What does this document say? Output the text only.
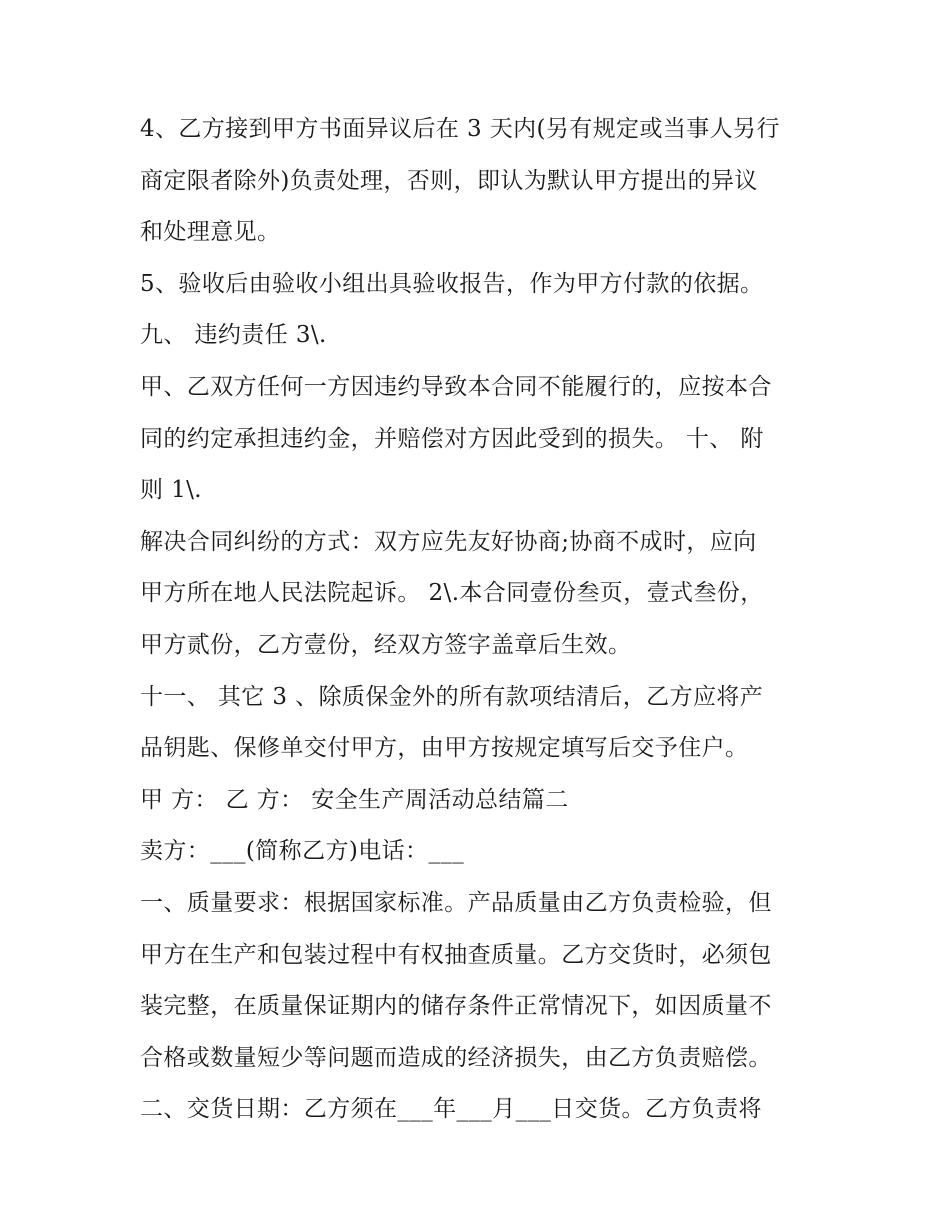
4、乙方接到甲方书面异议后在 3 天内(另有规定或当事人另行
商定限者除外)负责处理，否则，即认为默认甲方提出的异议
和处理意见。
5、验收后由验收小组出具验收报告，作为甲方付款的依据。
九、 违约责任 3\.
甲、乙双方任何一方因违约导致本合同不能履行的，应按本合
同的约定承担违约金，并赔偿对方因此受到的损失。 十、 附
则 1\.
解决合同纠纷的方式：双方应先友好协商;协商不成时，应向
甲方所在地人民法院起诉。 2\.本合同壹份叁页，壹式叁份，
甲方贰份，乙方壹份，经双方签字盖章后生效。
十一、 其它 3 、除质保金外的所有款项结清后，乙方应将产
品钥匙、保修单交付甲方，由甲方按规定填写后交予住户。
甲 方： 乙 方： 安全生产周活动总结篇二
卖方：___(简称乙方)电话：___
一、质量要求：根据国家标准。产品质量由乙方负责检验，但
甲方在生产和包装过程中有权抽查质量。乙方交货时，必须包
装完整，在质量保证期内的储存条件正常情况下，如因质量不
合格或数量短少等问题而造成的经济损失，由乙方负责赔偿。
二、交货日期：乙方须在___年___月___日交货。乙方负责将
